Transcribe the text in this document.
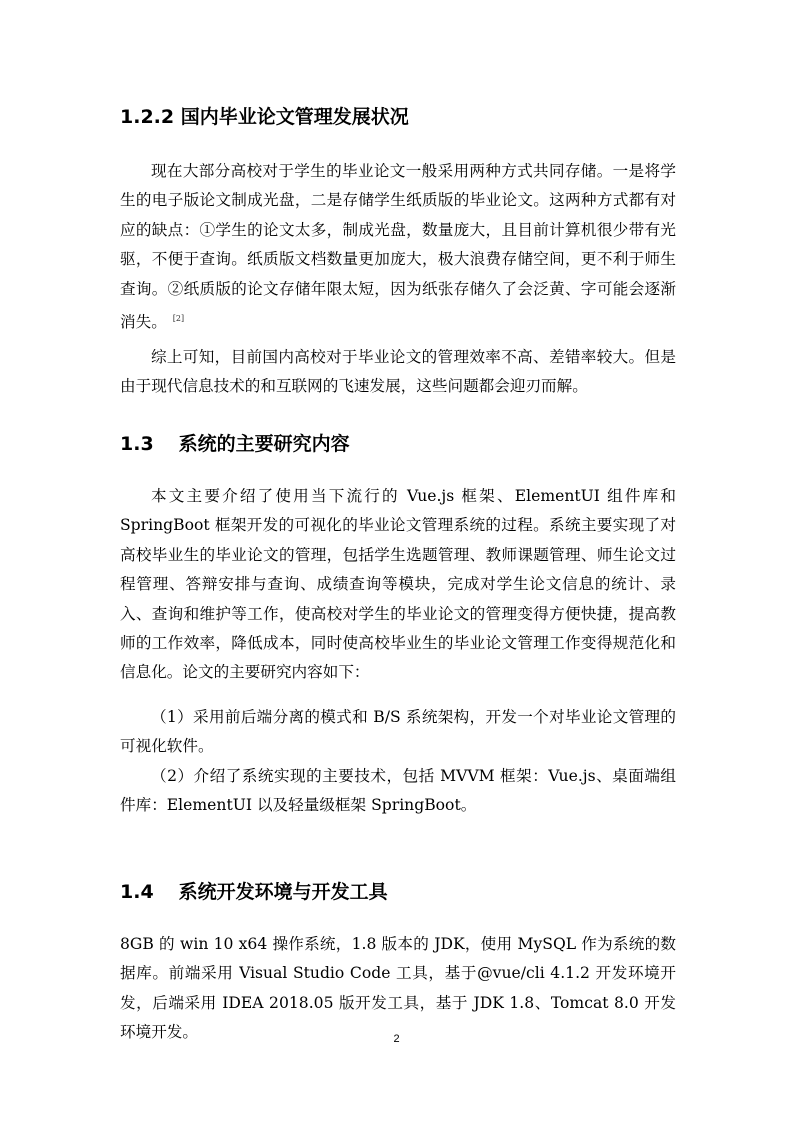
1.2.2 国内毕业论文管理发展状况

现在大部分高校对于学生的毕业论文一般采用两种方式共同存储。一是将学生的电子版论文制成光盘，二是存储学生纸质版的毕业论文。这两种方式都有对应的缺点：①学生的论文太多，制成光盘，数量庞大，且目前计算机很少带有光驱，不便于查询。纸质版文档数量更加庞大，极大浪费存储空间，更不利于师生查询。②纸质版的论文存储年限太短，因为纸张存储久了会泛黄、字可能会逐渐消失。 [2]

综上可知，目前国内高校对于毕业论文的管理效率不高、差错率较大。但是由于现代信息技术的和互联网的飞速发展，这些问题都会迎刃而解。

1.3 系统的主要研究内容

本文主要介绍了使用当下流行的 Vue.js 框架、ElementUI 组件库和 SpringBoot 框架开发的可视化的毕业论文管理系统的过程。系统主要实现了对高校毕业生的毕业论文的管理，包括学生选题管理、教师课题管理、师生论文过程管理、答辩安排与查询、成绩查询等模块，完成对学生论文信息的统计、录入、查询和维护等工作，使高校对学生的毕业论文的管理变得方便快捷，提高教师的工作效率，降低成本，同时使高校毕业生的毕业论文管理工作变得规范化和信息化。论文的主要研究内容如下：

（1）采用前后端分离的模式和 B/S 系统架构，开发一个对毕业论文管理的可视化软件。

（2）介绍了系统实现的主要技术，包括 MVVM 框架：Vue.js、桌面端组件库：ElementUI 以及轻量级框架 SpringBoot。

1.4 系统开发环境与开发工具

8GB 的 win 10 x64 操作系统，1.8 版本的 JDK，使用 MySQL 作为系统的数据库。前端采用 Visual Studio Code 工具，基于@vue/cli 4.1.2 开发环境开发，后端采用 IDEA 2018.05 版开发工具，基于 JDK 1.8、Tomcat 8.0 开发环境开发。	2
